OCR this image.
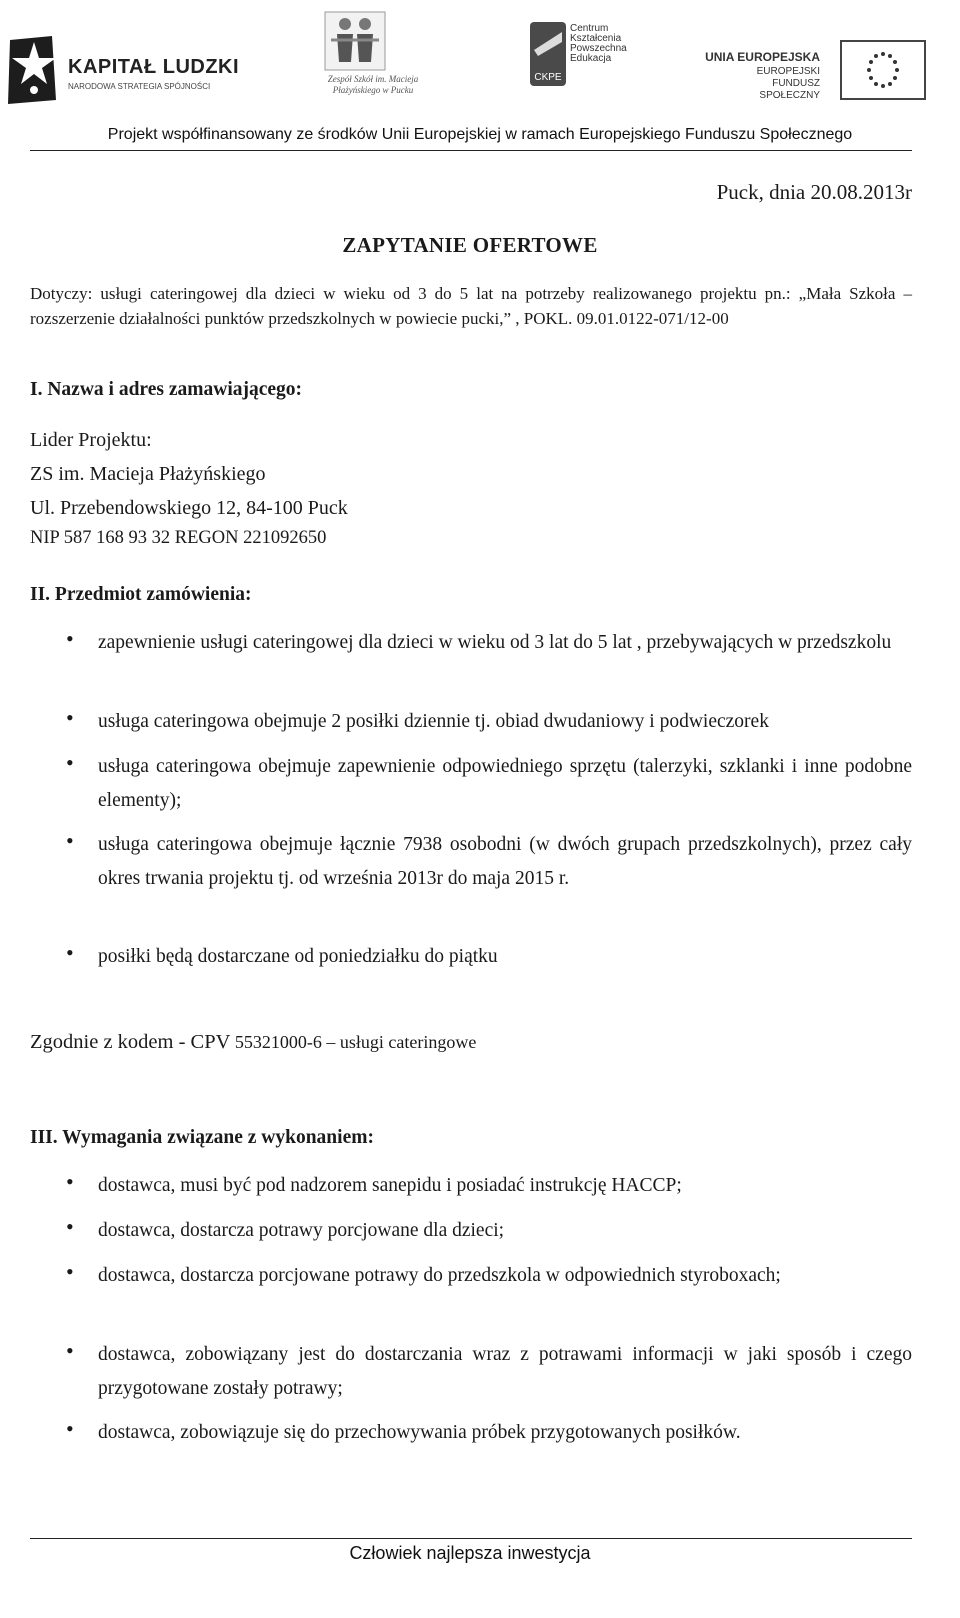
KAPITAŁ LUDZKI
NARODOWA STRATEGIA SPÓJNOŚCI
Zespół Szkół im. Macieja Płażyńskiego w Pucku
CKPE
Centrum Kształcenia Powszechna Edukacja	UNIA EUROPEJSKA
EUROPEJSKI FUNDUSZ SPOŁECZNY
Projekt współfinansowany ze środków Unii Europejskiej w ramach Europejskiego Funduszu Społecznego
Puck, dnia 20.08.2013r
ZAPYTANIE OFERTOWE
Dotyczy: usługi cateringowej dla dzieci w wieku od 3 do 5 lat na potrzeby realizowanego projektu pn.: „Mała Szkoła – rozszerzenie działalności punktów przedszkolnych w powiecie pucki,” , POKL. 09.01.0122-071/12-00
I. Nazwa i adres zamawiającego:
Lider Projektu:
ZS im. Macieja Płażyńskiego
Ul. Przebendowskiego 12, 84-100 Puck
NIP 587 168 93 32 REGON 221092650
II. Przedmiot zamówienia:
• zapewnienie usługi cateringowej dla dzieci w wieku od 3 lat do 5 lat , przebywających w przedszkolu
• usługa cateringowa obejmuje 2 posiłki dziennie tj. obiad dwudaniowy i podwieczorek
• usługa cateringowa obejmuje zapewnienie odpowiedniego sprzętu (talerzyki, szklanki i inne podobne elementy);
• usługa cateringowa obejmuje łącznie 7938 osobodni (w dwóch grupach przedszkolnych), przez cały okres trwania projektu tj. od września 2013r do maja 2015 r.
• posiłki będą dostarczane od poniedziałku do piątku
Zgodnie z kodem - CPV 55321000-6 – usługi cateringowe
III. Wymagania związane z wykonaniem:
• dostawca, musi być pod nadzorem sanepidu i posiadać instrukcję HACCP;
• dostawca, dostarcza potrawy porcjowane dla dzieci;
• dostawca, dostarcza porcjowane potrawy do przedszkola w odpowiednich styroboxach;
• dostawca, zobowiązany jest do dostarczania wraz z potrawami informacji w jaki sposób i czego przygotowane zostały potrawy;
• dostawca, zobowiązuje się do przechowywania próbek przygotowanych posiłków.
Człowiek najlepsza inwestycja
